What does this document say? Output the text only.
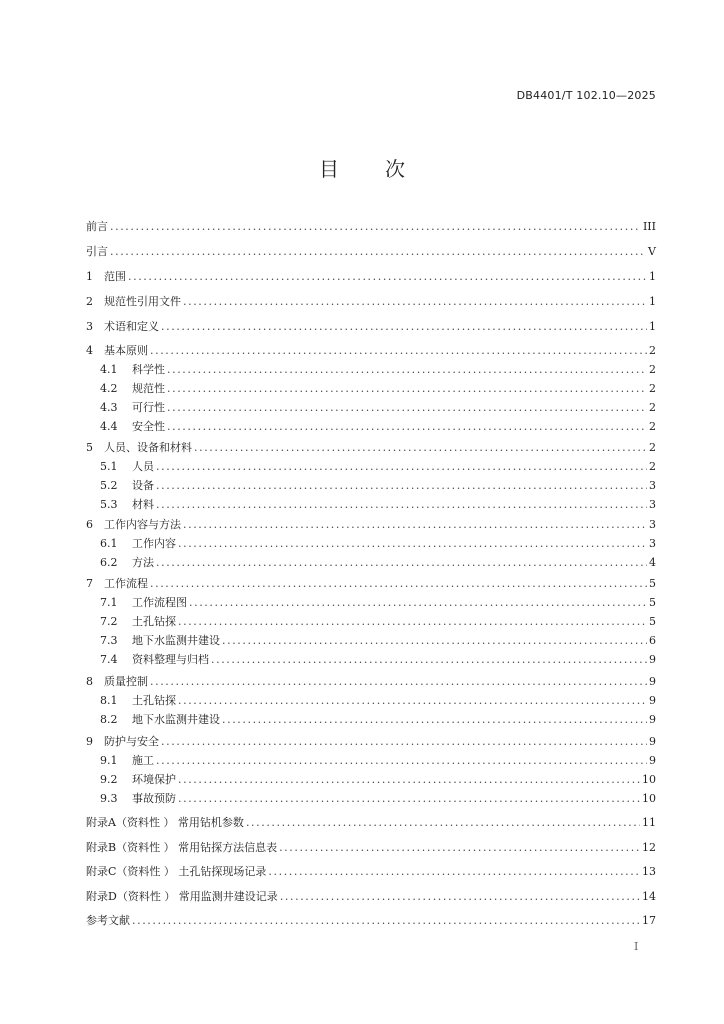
DB4401/T 102.10—2025
目 次
前言 .....	III
引言 .....	V
1	范围 .....	1
2	规范性引用文件 .....	1
3	术语和定义 .....	1
4	基本原则 .....	2
4.1	科学性 .....	2
4.2	规范性 .....	2
4.3	可行性 .....	2
4.4	安全性 .....	2
5	人员、设备和材料 .....	2
5.1	人员 .....	2
5.2	设备 .....	3
5.3	材料 .....	3
6	工作内容与方法 .....	3
6.1	工作内容 .....	3
6.2	方法 .....	4
7	工作流程 .....	5
7.1	工作流程图 .....	5
7.2	土孔钻探 .....	5
7.3	地下水监测井建设 .....	6
7.4	资料整理与归档 .....	9
8	质量控制 .....	9
8.1	土孔钻探 .....	9
8.2	地下水监测井建设 .....	9
9	防护与安全 .....	9
9.1	施工 .....	9
9.2	环境保护 .....	10
9.3	事故预防 .....	10
附录A（资料性 ） 常用钻机参数 .....	11
附录B（资料性 ） 常用钻探方法信息表 .....	12
附录C（资料性 ） 土孔钻探现场记录 .....	13
附录D（资料性 ） 常用监测井建设记录 .....	14
参考文献 .....	17
I
